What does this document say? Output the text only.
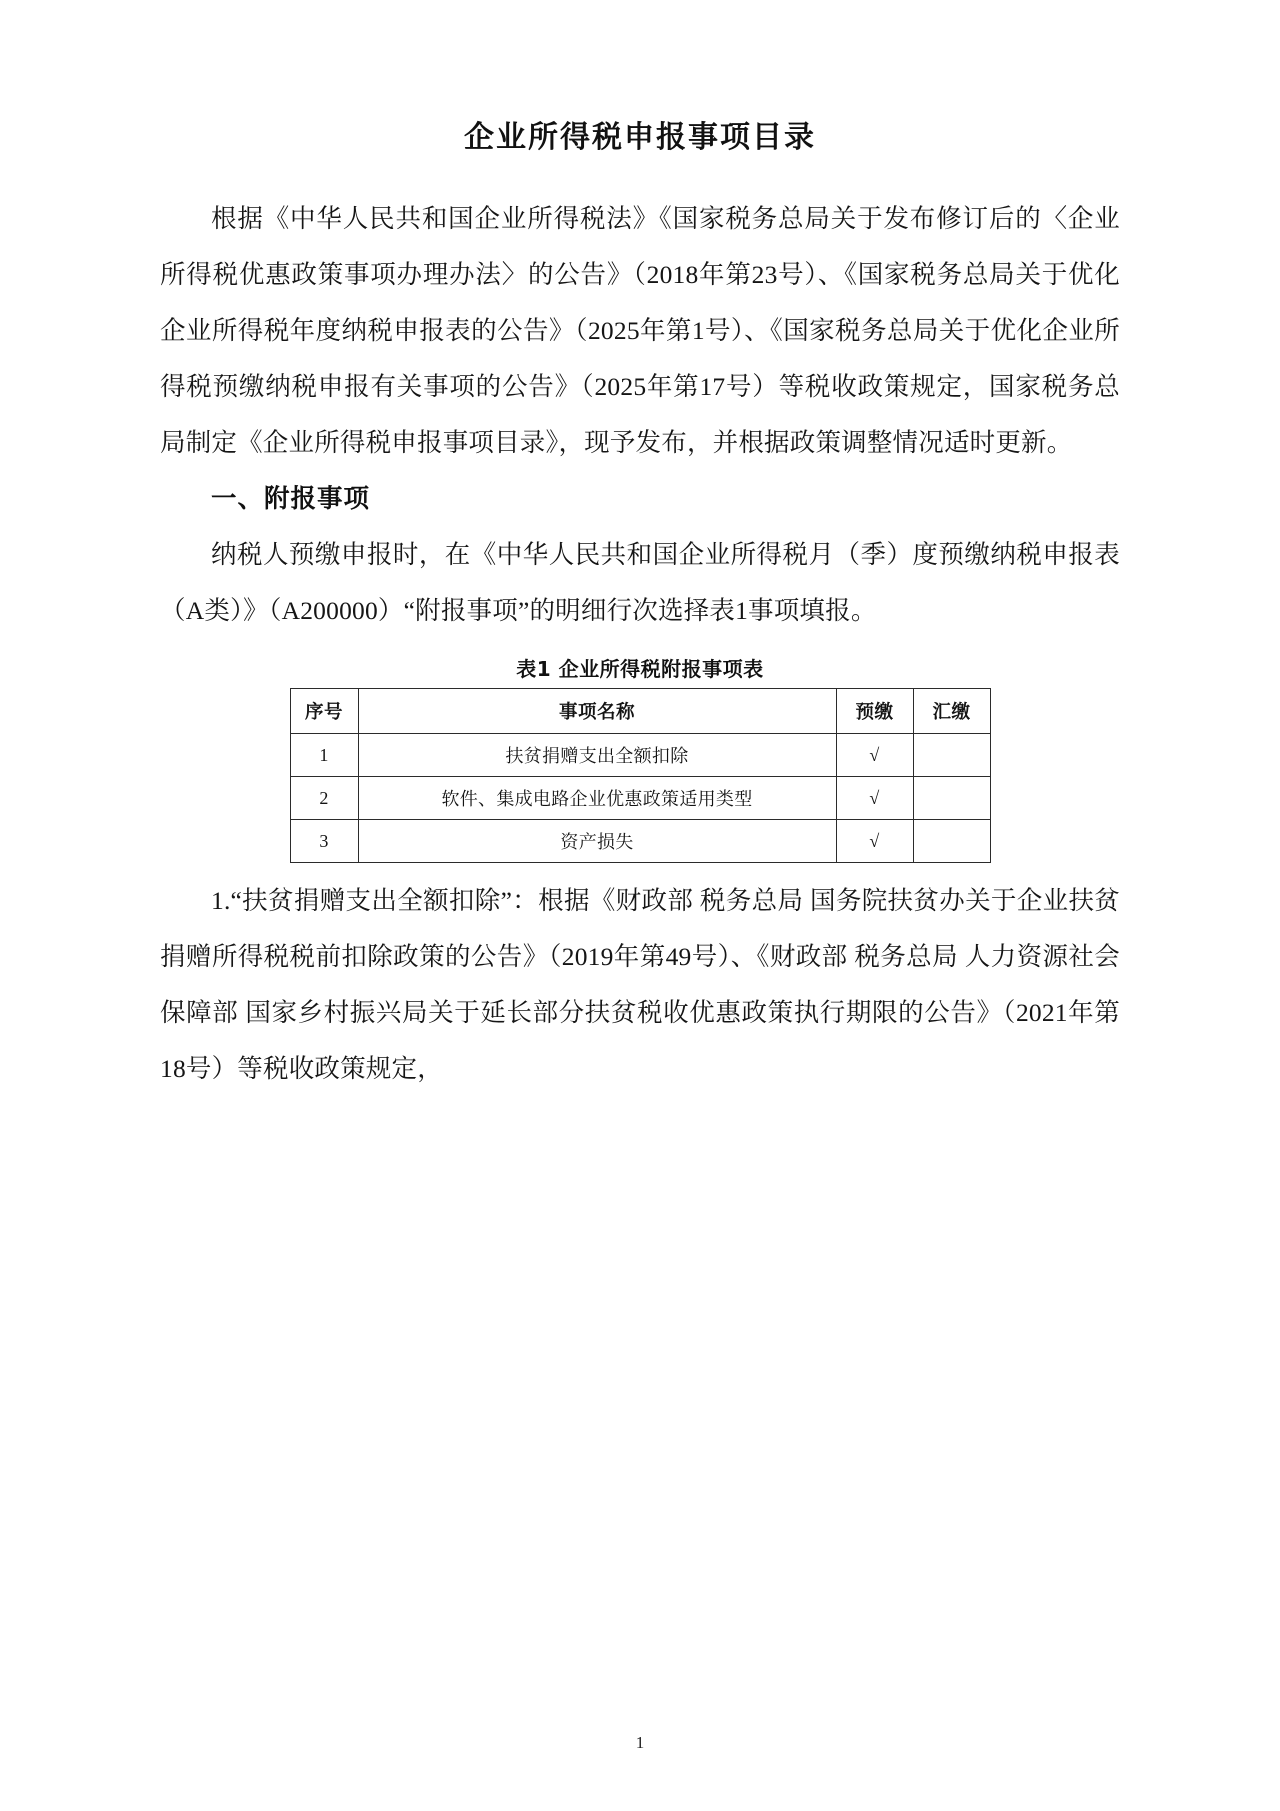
企业所得税申报事项目录

根据《中华人民共和国企业所得税法》《国家税务总局关于发布修订后的〈企业所得税优惠政策事项办理办法〉的公告》（2018年第23号）、《国家税务总局关于优化企业所得税年度纳税申报表的公告》（2025年第1号）、《国家税务总局关于优化企业所得税预缴纳税申报有关事项的公告》（2025年第17号）等税收政策规定，国家税务总局制定《企业所得税申报事项目录》，现予发布，并根据政策调整情况适时更新。

一、附报事项

纳税人预缴申报时，在《中华人民共和国企业所得税月（季）度预缴纳税申报表（A类）》（A200000）“附报事项”的明细行次选择表1事项填报。

表1 企业所得税附报事项表
序号	事项名称	预缴	汇缴
1	扶贫捐赠支出全额扣除	√	
2	软件、集成电路企业优惠政策适用类型	√	
3	资产损失	√	

1.“扶贫捐赠支出全额扣除”：根据《财政部 税务总局 国务院扶贫办关于企业扶贫捐赠所得税税前扣除政策的公告》（2019年第49号）、《财政部 税务总局 人力资源社会保障部 国家乡村振兴局关于延长部分扶贫税收优惠政策执行期限的公告》（2021年第18号）等税收政策规定，

1
